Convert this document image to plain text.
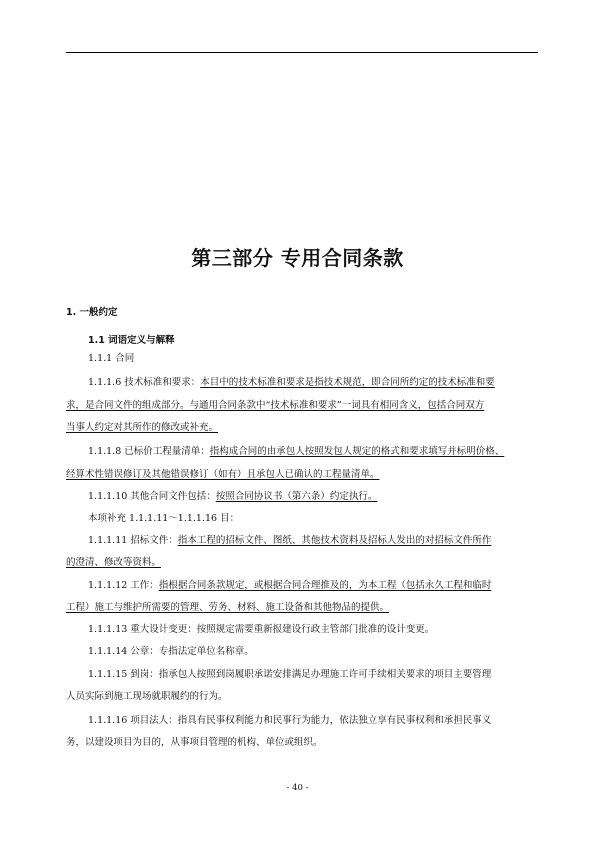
第三部分 专用合同条款
1. 一般约定
1.1 词语定义与解释
1.1.1 合同
1.1.1.6 技术标准和要求：本目中的技术标准和要求是指技术规范，即合同所约定的技术标准和要
求，是合同文件的组成部分。与通用合同条款中“技术标准和要求”一词具有相同含义，包括合同双方
当事人约定对其所作的修改或补充。
1.1.1.8 已标价工程量清单：指构成合同的由承包人按照发包人规定的格式和要求填写并标明价格、
经算术性错误修订及其他错误修订（如有）且承包人已确认的工程量清单。
1.1.1.10 其他合同文件包括：按照合同协议书（第六条）约定执行。
本项补充 1.1.1.11～1.1.1.16 目：
1.1.1.11 招标文件：指本工程的招标文件、图纸、其他技术资料及招标人发出的对招标文件所作
的澄清、修改等资料。
1.1.1.12 工作：指根据合同条款规定，或根据合同合理推及的，为本工程（包括永久工程和临时
工程）施工与维护所需要的管理、劳务、材料、施工设备和其他物品的提供。
1.1.1.13 重大设计变更：按照规定需要重新报建设行政主管部门批准的设计变更。
1.1.1.14 公章：专指法定单位名称章。
1.1.1.15 到岗：指承包人按照到岗履职承诺安排满足办理施工许可手续相关要求的项目主要管理
人员实际到施工现场就职履约的行为。
1.1.1.16 项目法人：指具有民事权利能力和民事行为能力，依法独立享有民事权利和承担民事义
务，以建设项目为目的，从事项目管理的机构、单位或组织。
- 40 -
